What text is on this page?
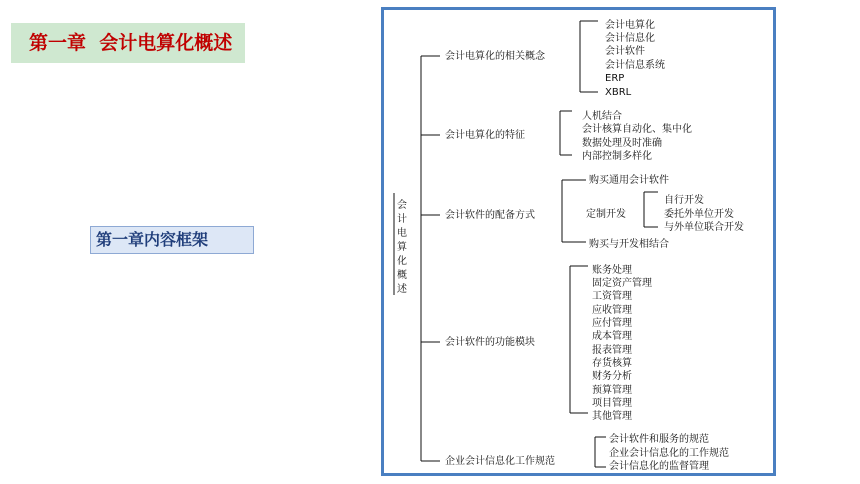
第一章  会计电算化概述
第一章内容框架
会
计
电
算
化
概
述
会计电算化的相关概念
会计电算化的特征
会计软件的配备方式
会计软件的功能模块
企业会计信息化工作规范
会计电算化
会计信息化
会计软件
会计信息系统
ERP
XBRL
人机结合
会计核算自动化、集中化
数据处理及时准确
内部控制多样化
购买通用会计软件
定制开发
购买与开发相结合
自行开发
委托外单位开发
与外单位联合开发
账务处理
固定资产管理
工资管理
应收管理
应付管理
成本管理
报表管理
存货核算
财务分析
预算管理
项目管理
其他管理
会计软件和服务的规范
企业会计信息化的工作规范
会计信息化的监督管理
